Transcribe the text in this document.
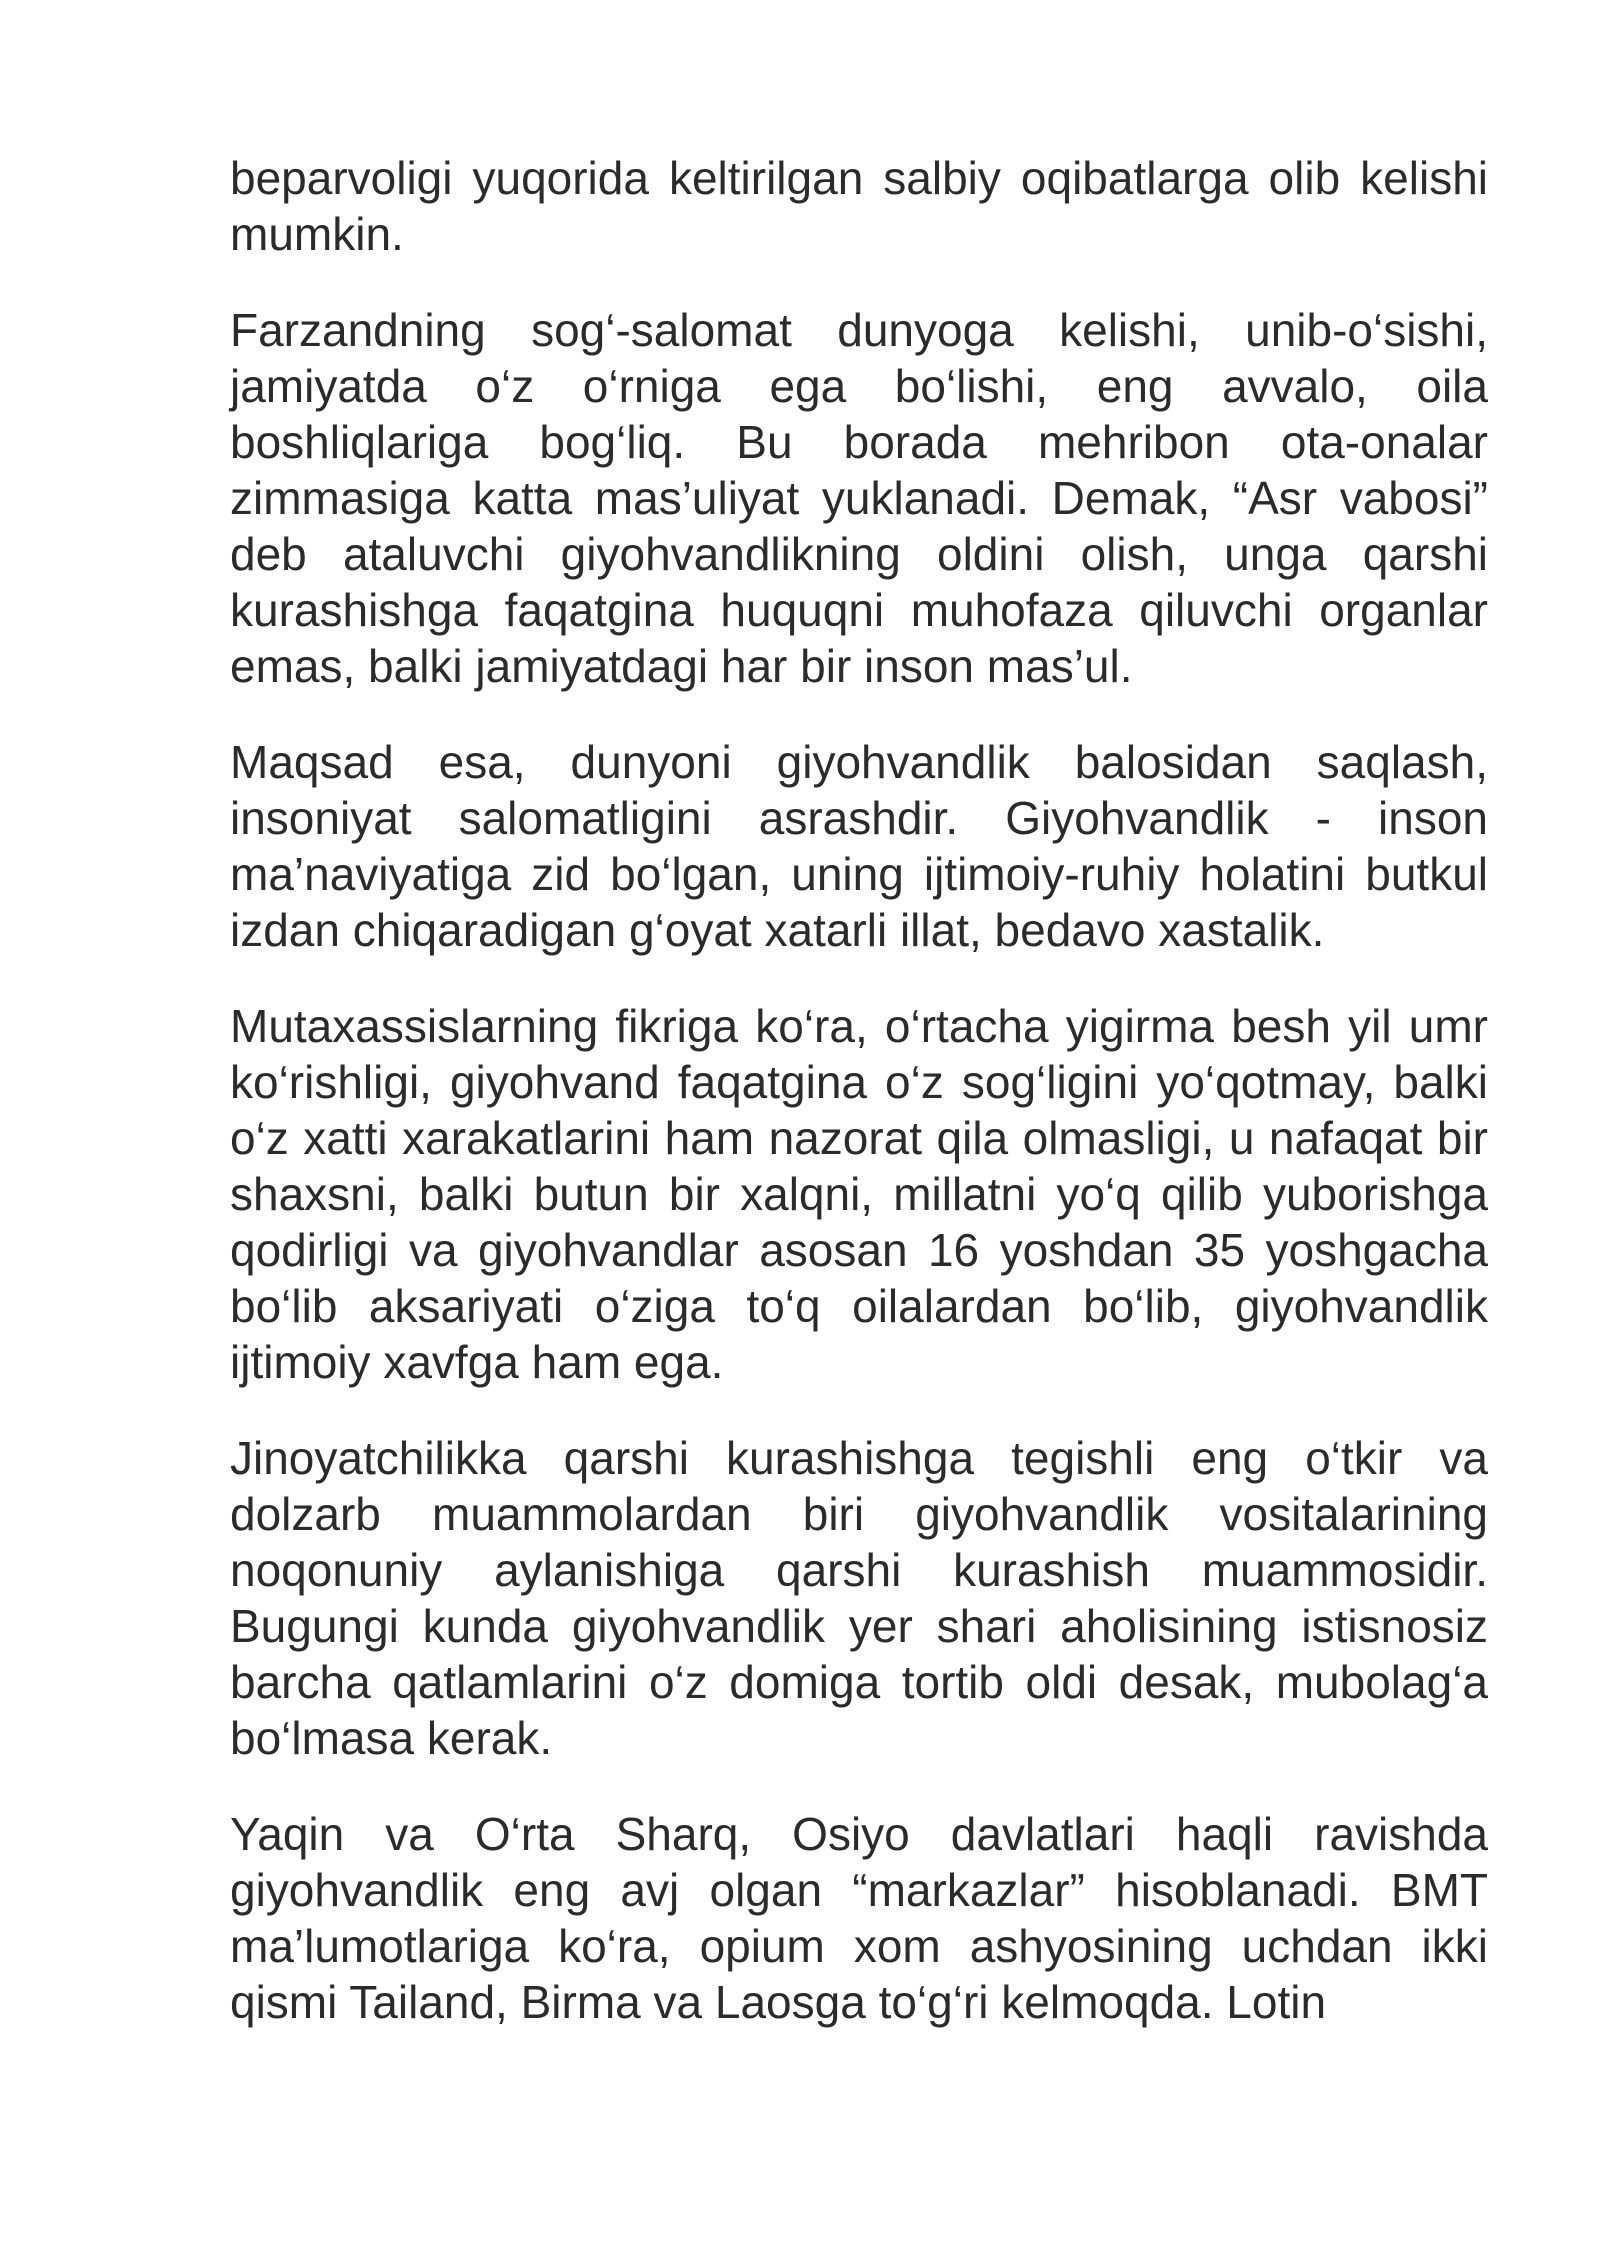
beparvoligi yuqorida keltirilgan salbiy oqibatlarga olib kelishi mumkin.

Farzandning sog‘-salomat dunyoga kelishi, unib-o‘sishi, jamiyatda o‘z o‘rniga ega bo‘lishi, eng avvalo, oila boshliqlariga bog‘liq. Bu borada mehribon ota-onalar zimmasiga katta mas’uliyat yuklanadi. Demak, “Asr vabosi” deb ataluvchi giyohvandlikning oldini olish, unga qarshi kurashishga faqatgina huquqni muhofaza qiluvchi organlar emas, balki jamiyatdagi har bir inson mas’ul.

Maqsad esa, dunyoni giyohvandlik balosidan saqlash, insoniyat salomatligini asrashdir. Giyohvandlik - inson ma’naviyatiga zid bo‘lgan, uning ijtimoiy-ruhiy holatini butkul izdan chiqaradigan g‘oyat xatarli illat, bedavo xastalik.

Mutaxassislarning fikriga ko‘ra, o‘rtacha yigirma besh yil umr ko‘rishligi, giyohvand faqatgina o‘z sog‘ligini yo‘qotmay, balki o‘z xatti xarakatlarini ham nazorat qila olmasligi, u nafaqat bir shaxsni, balki butun bir xalqni, millatni yo‘q qilib yuborishga qodirligi va giyohvandlar asosan 16 yoshdan 35 yoshgacha bo‘lib aksariyati o‘ziga to‘q oilalardan bo‘lib, giyohvandlik ijtimoiy xavfga ham ega.

Jinoyatchilikka qarshi kurashishga tegishli eng o‘tkir va dolzarb muammolardan biri giyohvandlik vositalarining noqonuniy aylanishiga qarshi kurashish muammosidir. Bugungi kunda giyohvandlik yer shari aholisining istisnosiz barcha qatlamlarini o‘z domiga tortib oldi desak, mubolag‘a bo‘lmasa kerak.

Yaqin va O‘rta Sharq, Osiyo davlatlari haqli ravishda giyohvandlik eng avj olgan “markazlar” hisoblanadi. BMT ma’lumotlariga ko‘ra, opium xom ashyosining uchdan ikki qismi Tailand, Birma va Laosga to‘g‘ri kelmoqda. Lotin
